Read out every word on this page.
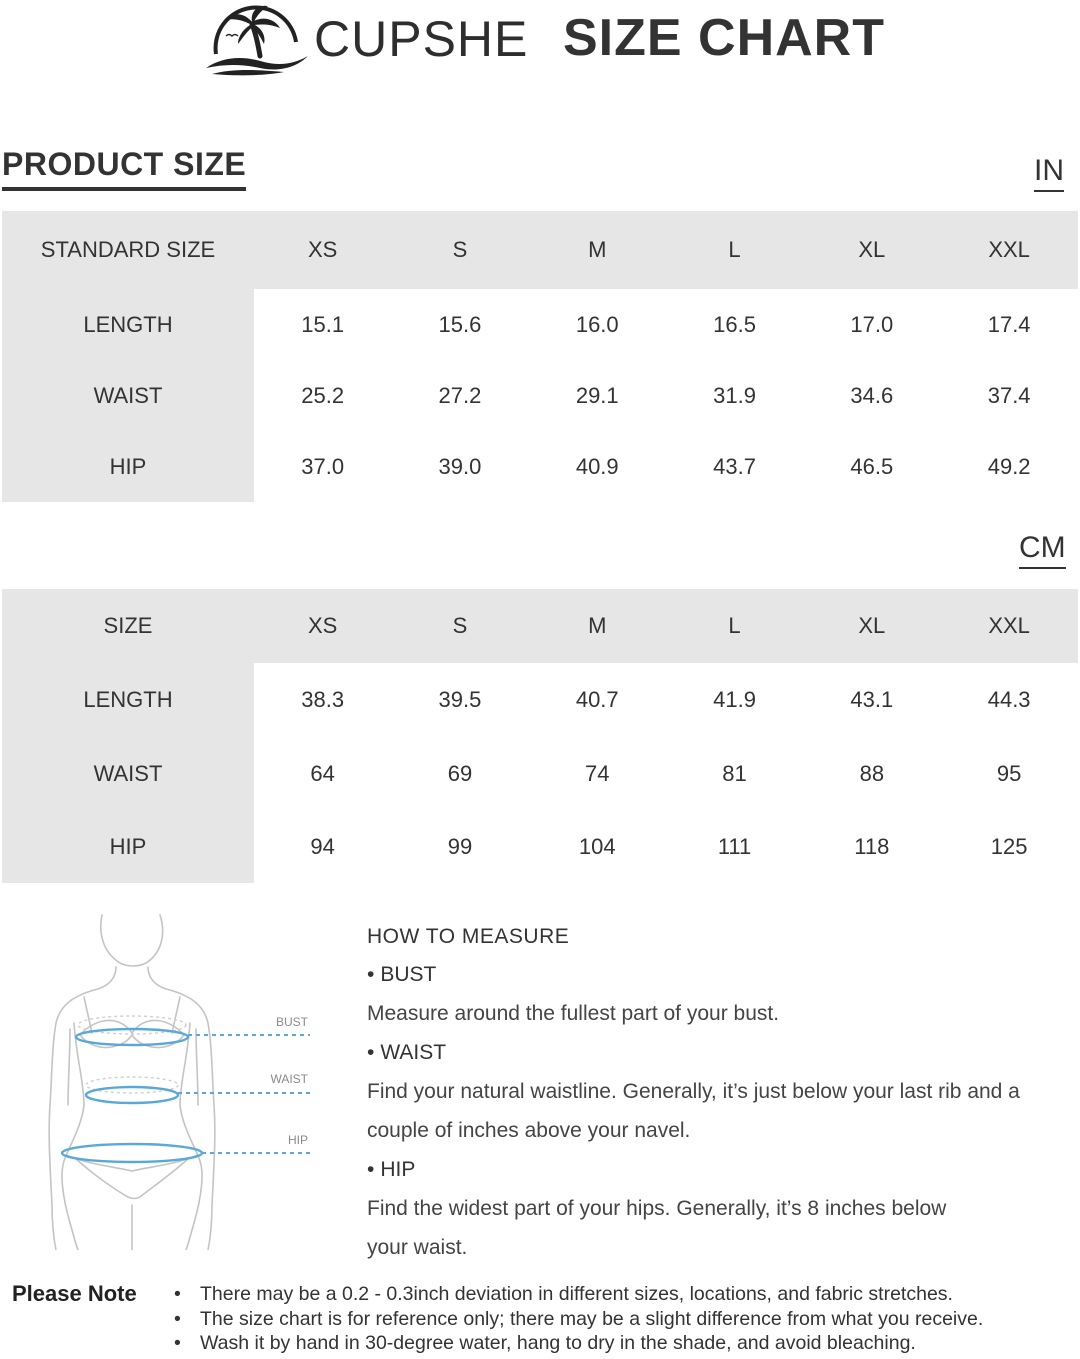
CUPSHE SIZE CHART
PRODUCT SIZE	IN
STANDARD SIZE	XS	S	M	L	XL	XXL
LENGTH	15.1	15.6	16.0	16.5	17.0	17.4
WAIST	25.2	27.2	29.1	31.9	34.6	37.4
HIP	37.0	39.0	40.9	43.7	46.5	49.2
CM
SIZE	XS	S	M	L	XL	XXL
LENGTH	38.3	39.5	40.7	41.9	43.1	44.3
WAIST	64	69	74	81	88	95
HIP	94	99	104	111	118	125
BUST
WAIST
HIP
HOW TO MEASURE
• BUST
Measure around the fullest part of your bust.
• WAIST
Find your natural waistline. Generally, it’s just below your last rib and a couple of inches above your navel.
• HIP
Find the widest part of your hips. Generally, it’s 8 inches below your waist.
Please Note • There may be a 0.2 - 0.3inch deviation in different sizes, locations, and fabric stretches.
• The size chart is for reference only; there may be a slight difference from what you receive.
• Wash it by hand in 30-degree water, hang to dry in the shade, and avoid bleaching.
